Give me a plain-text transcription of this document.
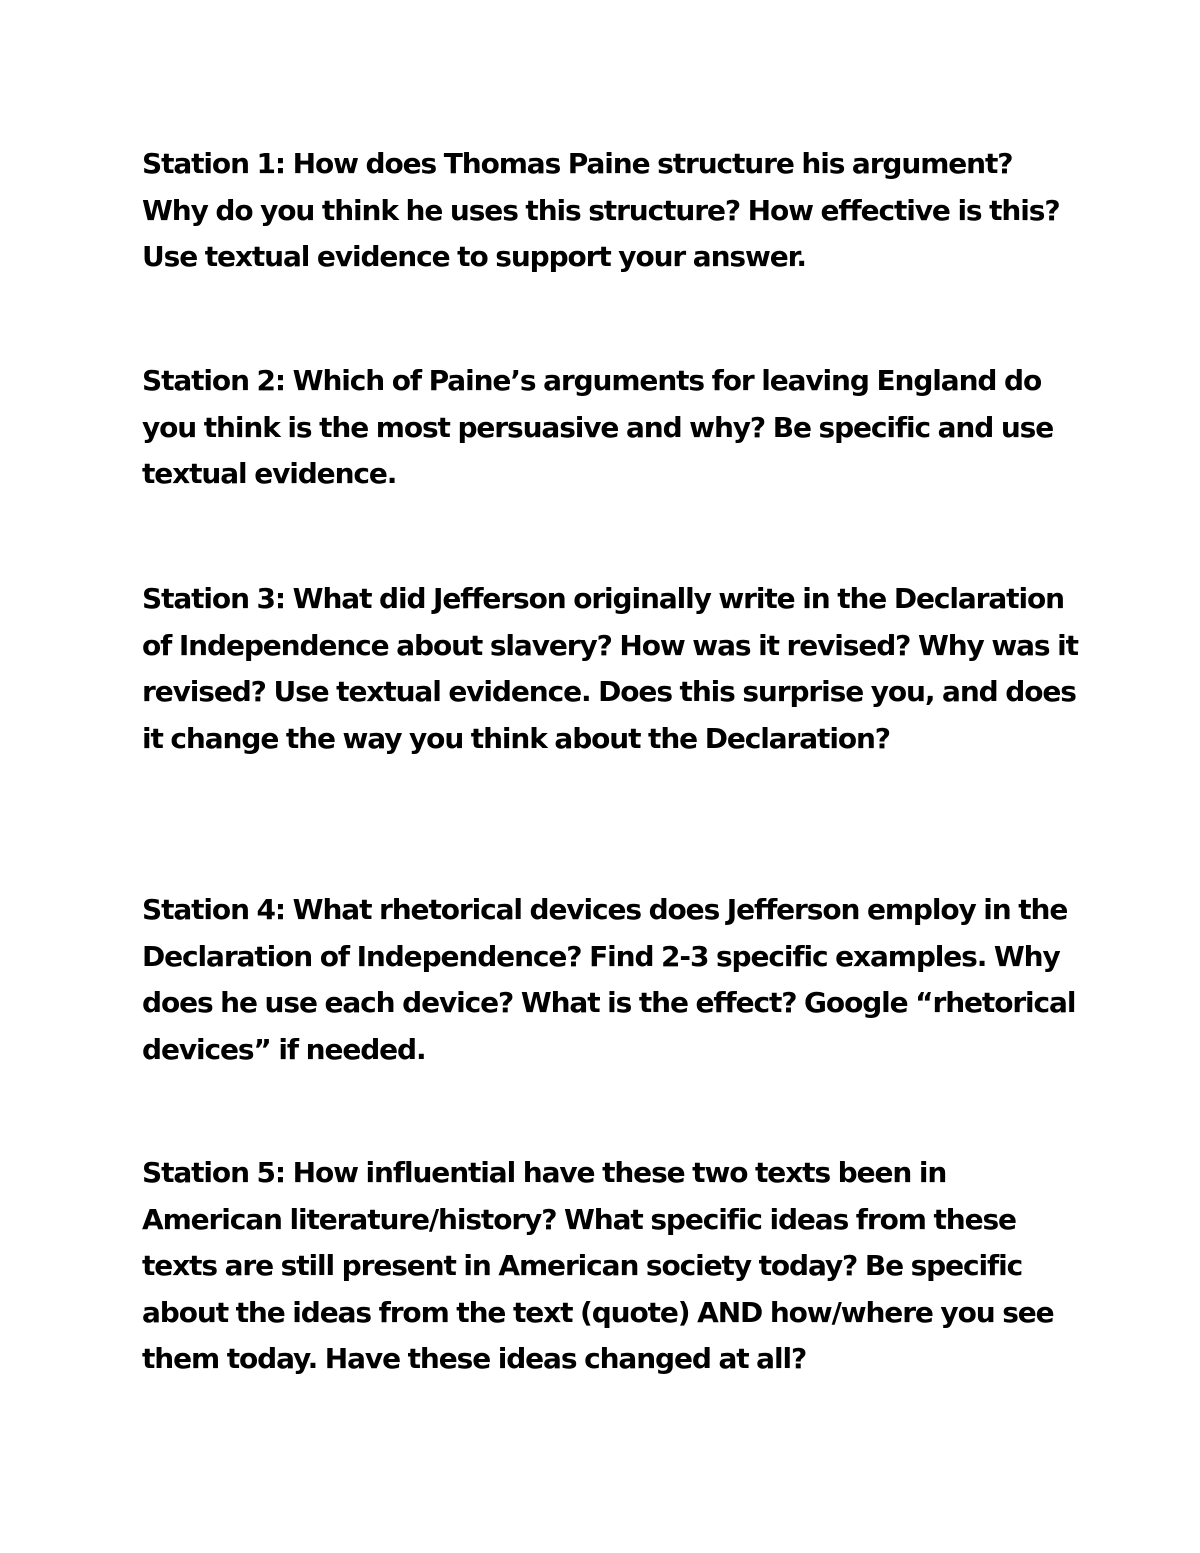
Station 1: How does Thomas Paine structure his argument? Why do you think he uses this structure? How effective is this? Use textual evidence to support your answer.

Station 2: Which of Paine’s arguments for leaving England do you think is the most persuasive and why? Be specific and use textual evidence.

Station 3: What did Jefferson originally write in the Declaration of Independence about slavery? How was it revised? Why was it revised? Use textual evidence. Does this surprise you, and does it change the way you think about the Declaration?

Station 4: What rhetorical devices does Jefferson employ in the Declaration of Independence? Find 2-3 specific examples. Why does he use each device? What is the effect? Google “rhetorical devices” if needed.

Station 5: How influential have these two texts been in American literature/history? What specific ideas from these texts are still present in American society today? Be specific about the ideas from the text (quote) AND how/where you see them today. Have these ideas changed at all?
